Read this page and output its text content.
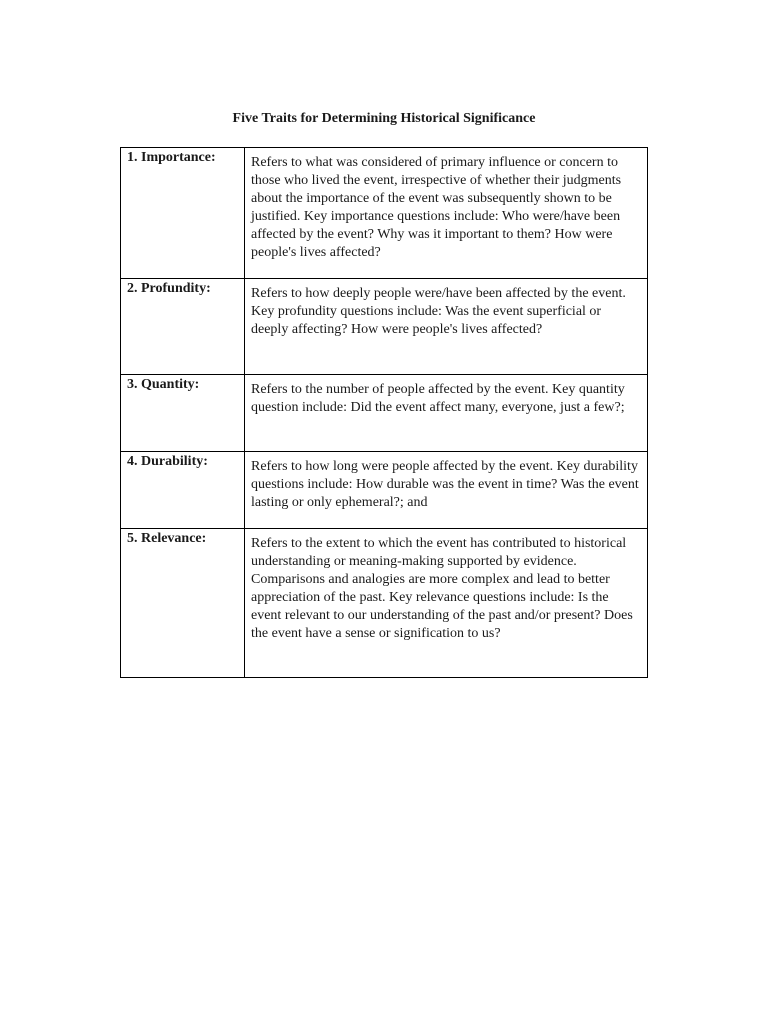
Five Traits for Determining Historical Significance
1. Importance:	Refers to what was considered of primary influence or concern to those who lived the event, irrespective of whether their judgments about the importance of the event was subsequently shown to be justified. Key importance questions include: Who were/have been affected by the event? Why was it important to them? How were people's lives affected?
2. Profundity:	Refers to how deeply people were/have been affected by the event. Key profundity questions include: Was the event superficial or deeply affecting? How were people's lives affected?
3. Quantity:	Refers to the number of people affected by the event. Key quantity question include: Did the event affect many, everyone, just a few?;
4. Durability:	Refers to how long were people affected by the event. Key durability questions include: How durable was the event in time? Was the event lasting or only ephemeral?; and
5. Relevance:	Refers to the extent to which the event has contributed to historical understanding or meaning-making supported by evidence. Comparisons and analogies are more complex and lead to better appreciation of the past. Key relevance questions include: Is the event relevant to our understanding of the past and/or present? Does the event have a sense or signification to us?
